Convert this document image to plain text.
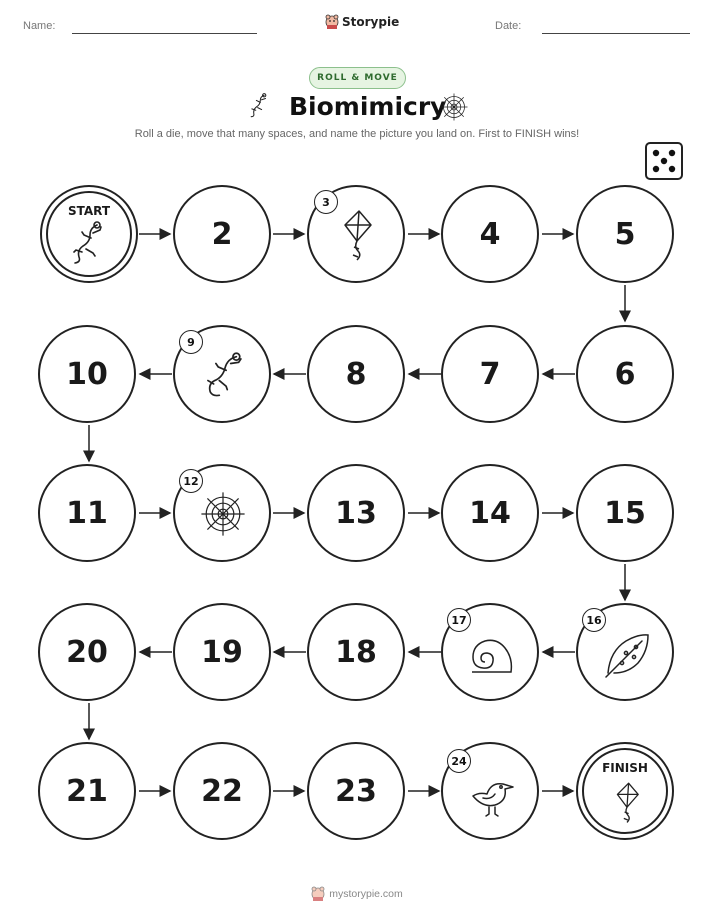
Name:	Storypie	Date:
ROLL & MOVE
Biomimicry
Roll a die, move that many spaces, and name the picture you land on. First to FINISH wins!
START
2	4	5
3
10
9
8	7	6
11
12
13	14	15
20	19	18
17	16
21	22	23
24	FINISH
mystorypie.com
